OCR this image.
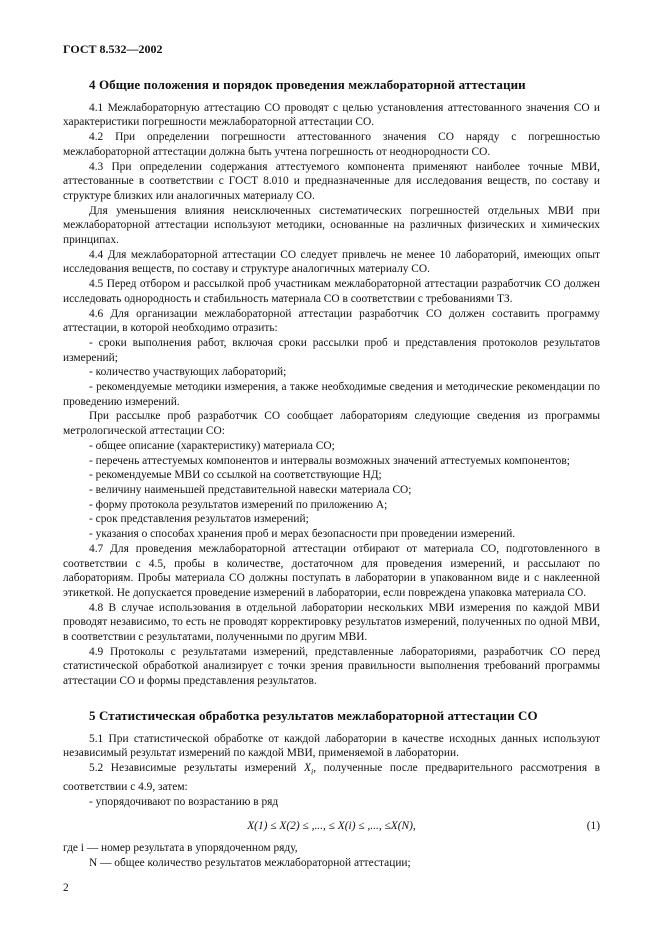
ГОСТ 8.532—2002
4 Общие положения и порядок проведения межлабораторной аттестации

4.1 Межлабораторную аттестацию СО проводят с целью установления аттестованного значения СО и характеристики погрешности межлабораторной аттестации СО.

4.2 При определении погрешности аттестованного значения СО наряду с погрешностью межлабораторной аттестации должна быть учтена погрешность от неоднородности СО.

4.3 При определении содержания аттестуемого компонента применяют наиболее точные МВИ, аттестованные в соответствии с ГОСТ 8.010 и предназначенные для исследования веществ, по составу и структуре близких или аналогичных материалу СО.

Для уменьшения влияния неисключенных систематических погрешностей отдельных МВИ при межлабораторной аттестации используют методики, основанные на различных физических и химических принципах.

4.4 Для межлабораторной аттестации СО следует привлечь не менее 10 лабораторий, имеющих опыт исследования веществ, по составу и структуре аналогичных материалу СО.

4.5 Перед отбором и рассылкой проб участникам межлабораторной аттестации разработчик СО должен исследовать однородность и стабильность материала СО в соответствии с требованиями ТЗ.

4.6 Для организации межлабораторной аттестации разработчик СО должен составить программу аттестации, в которой необходимо отразить:

- сроки выполнения работ, включая сроки рассылки проб и представления протоколов результатов измерений;

- количество участвующих лабораторий;

- рекомендуемые методики измерения, а также необходимые сведения и методические рекомендации по проведению измерений.

При рассылке проб разработчик СО сообщает лабораториям следующие сведения из программы метрологической аттестации СО:

- общее описание (характеристику) материала СО;

- перечень аттестуемых компонентов и интервалы возможных значений аттестуемых компонентов;

- рекомендуемые МВИ со ссылкой на соответствующие НД;

- величину наименьшей представительной навески материала СО;

- форму протокола результатов измерений по приложению А;

- срок представления результатов измерений;

- указания о способах хранения проб и мерах безопасности при проведении измерений.

4.7 Для проведения межлабораторной аттестации отбирают от материала СО, подготовленного в соответствии с 4.5, пробы в количестве, достаточном для проведения измерений, и рассылают по лабораториям. Пробы материала СО должны поступать в лаборатории в упакованном виде и с наклеенной этикеткой. Не допускается проведение измерений в лаборатории, если повреждена упаковка материала СО.

4.8 В случае использования в отдельной лаборатории нескольких МВИ измерения по каждой МВИ проводят независимо, то есть не проводят корректировку результатов измерений, полученных по одной МВИ, в соответствии с результатами, полученными по другим МВИ.

4.9 Протоколы с результатами измерений, представленные лабораториями, разработчик СО перед статистической обработкой анализирует с точки зрения правильности выполнения требований программы аттестации СО и формы представления результатов.

5 Статистическая обработка результатов межлабораторной аттестации СО

5.1 При статистической обработке от каждой лаборатории в качестве исходных данных используют независимый результат измерений по каждой МВИ, применяемой в лаборатории.

5.2 Независимые результаты измерений $X_i$, полученные после предварительного рассмотрения в соответствии с 4.9, затем:

- упорядочивают по возрастанию в ряд

X(1) ≤ X(2) ≤ ,..., ≤ X(i) ≤ ,..., ≤X(N),	(1)

где i — номер результата в упорядоченном ряду,

N — общее количество результатов межлабораторной аттестации;

2
